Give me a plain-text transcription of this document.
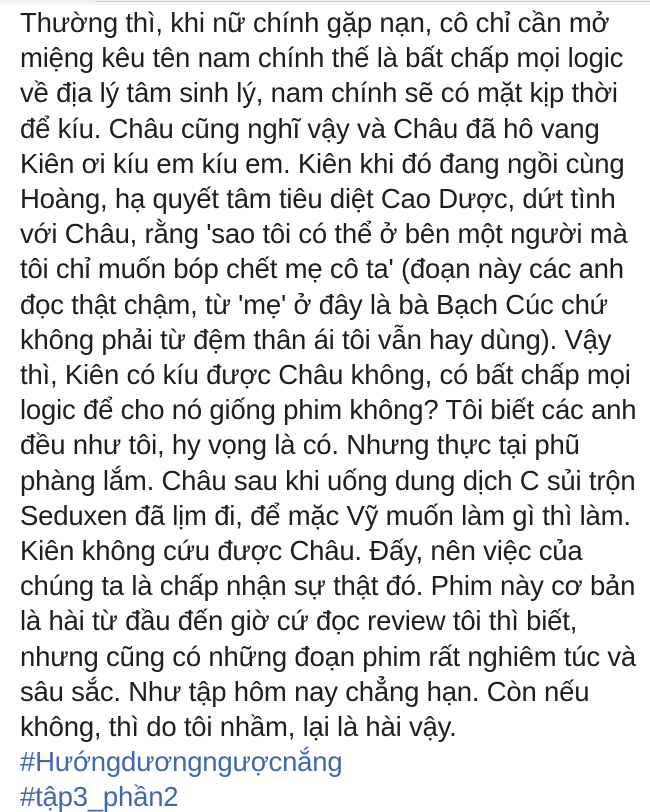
Thường thì, khi nữ chính gặp nạn, cô chỉ cần mở
miệng kêu tên nam chính thế là bất chấp mọi logic
về địa lý tâm sinh lý, nam chính sẽ có mặt kịp thời
để kíu. Châu cũng nghĩ vậy và Châu đã hô vang
Kiên ơi kíu em kíu em. Kiên khi đó đang ngồi cùng
Hoàng, hạ quyết tâm tiêu diệt Cao Dược, dứt tình
với Châu, rằng 'sao tôi có thể ở bên một người mà
tôi chỉ muốn bóp chết mẹ cô ta' (đoạn này các anh
đọc thật chậm, từ 'mẹ' ở đây là bà Bạch Cúc chứ
không phải từ đệm thân ái tôi vẫn hay dùng). Vậy
thì, Kiên có kíu được Châu không, có bất chấp mọi
logic để cho nó giống phim không? Tôi biết các anh
đều như tôi, hy vọng là có. Nhưng thực tại phũ
phàng lắm. Châu sau khi uống dung dịch C sủi trộn
Seduxen đã lịm đi, để mặc Vỹ muốn làm gì thì làm.
Kiên không cứu được Châu. Đấy, nên việc của
chúng ta là chấp nhận sự thật đó. Phim này cơ bản
là hài từ đầu đến giờ cứ đọc review tôi thì biết,
nhưng cũng có những đoạn phim rất nghiêm túc và
sâu sắc. Như tập hôm nay chẳng hạn. Còn nếu
không, thì do tôi nhầm, lại là hài vậy.
#Hướngdươngngượcnắng
#tập3_phần2
